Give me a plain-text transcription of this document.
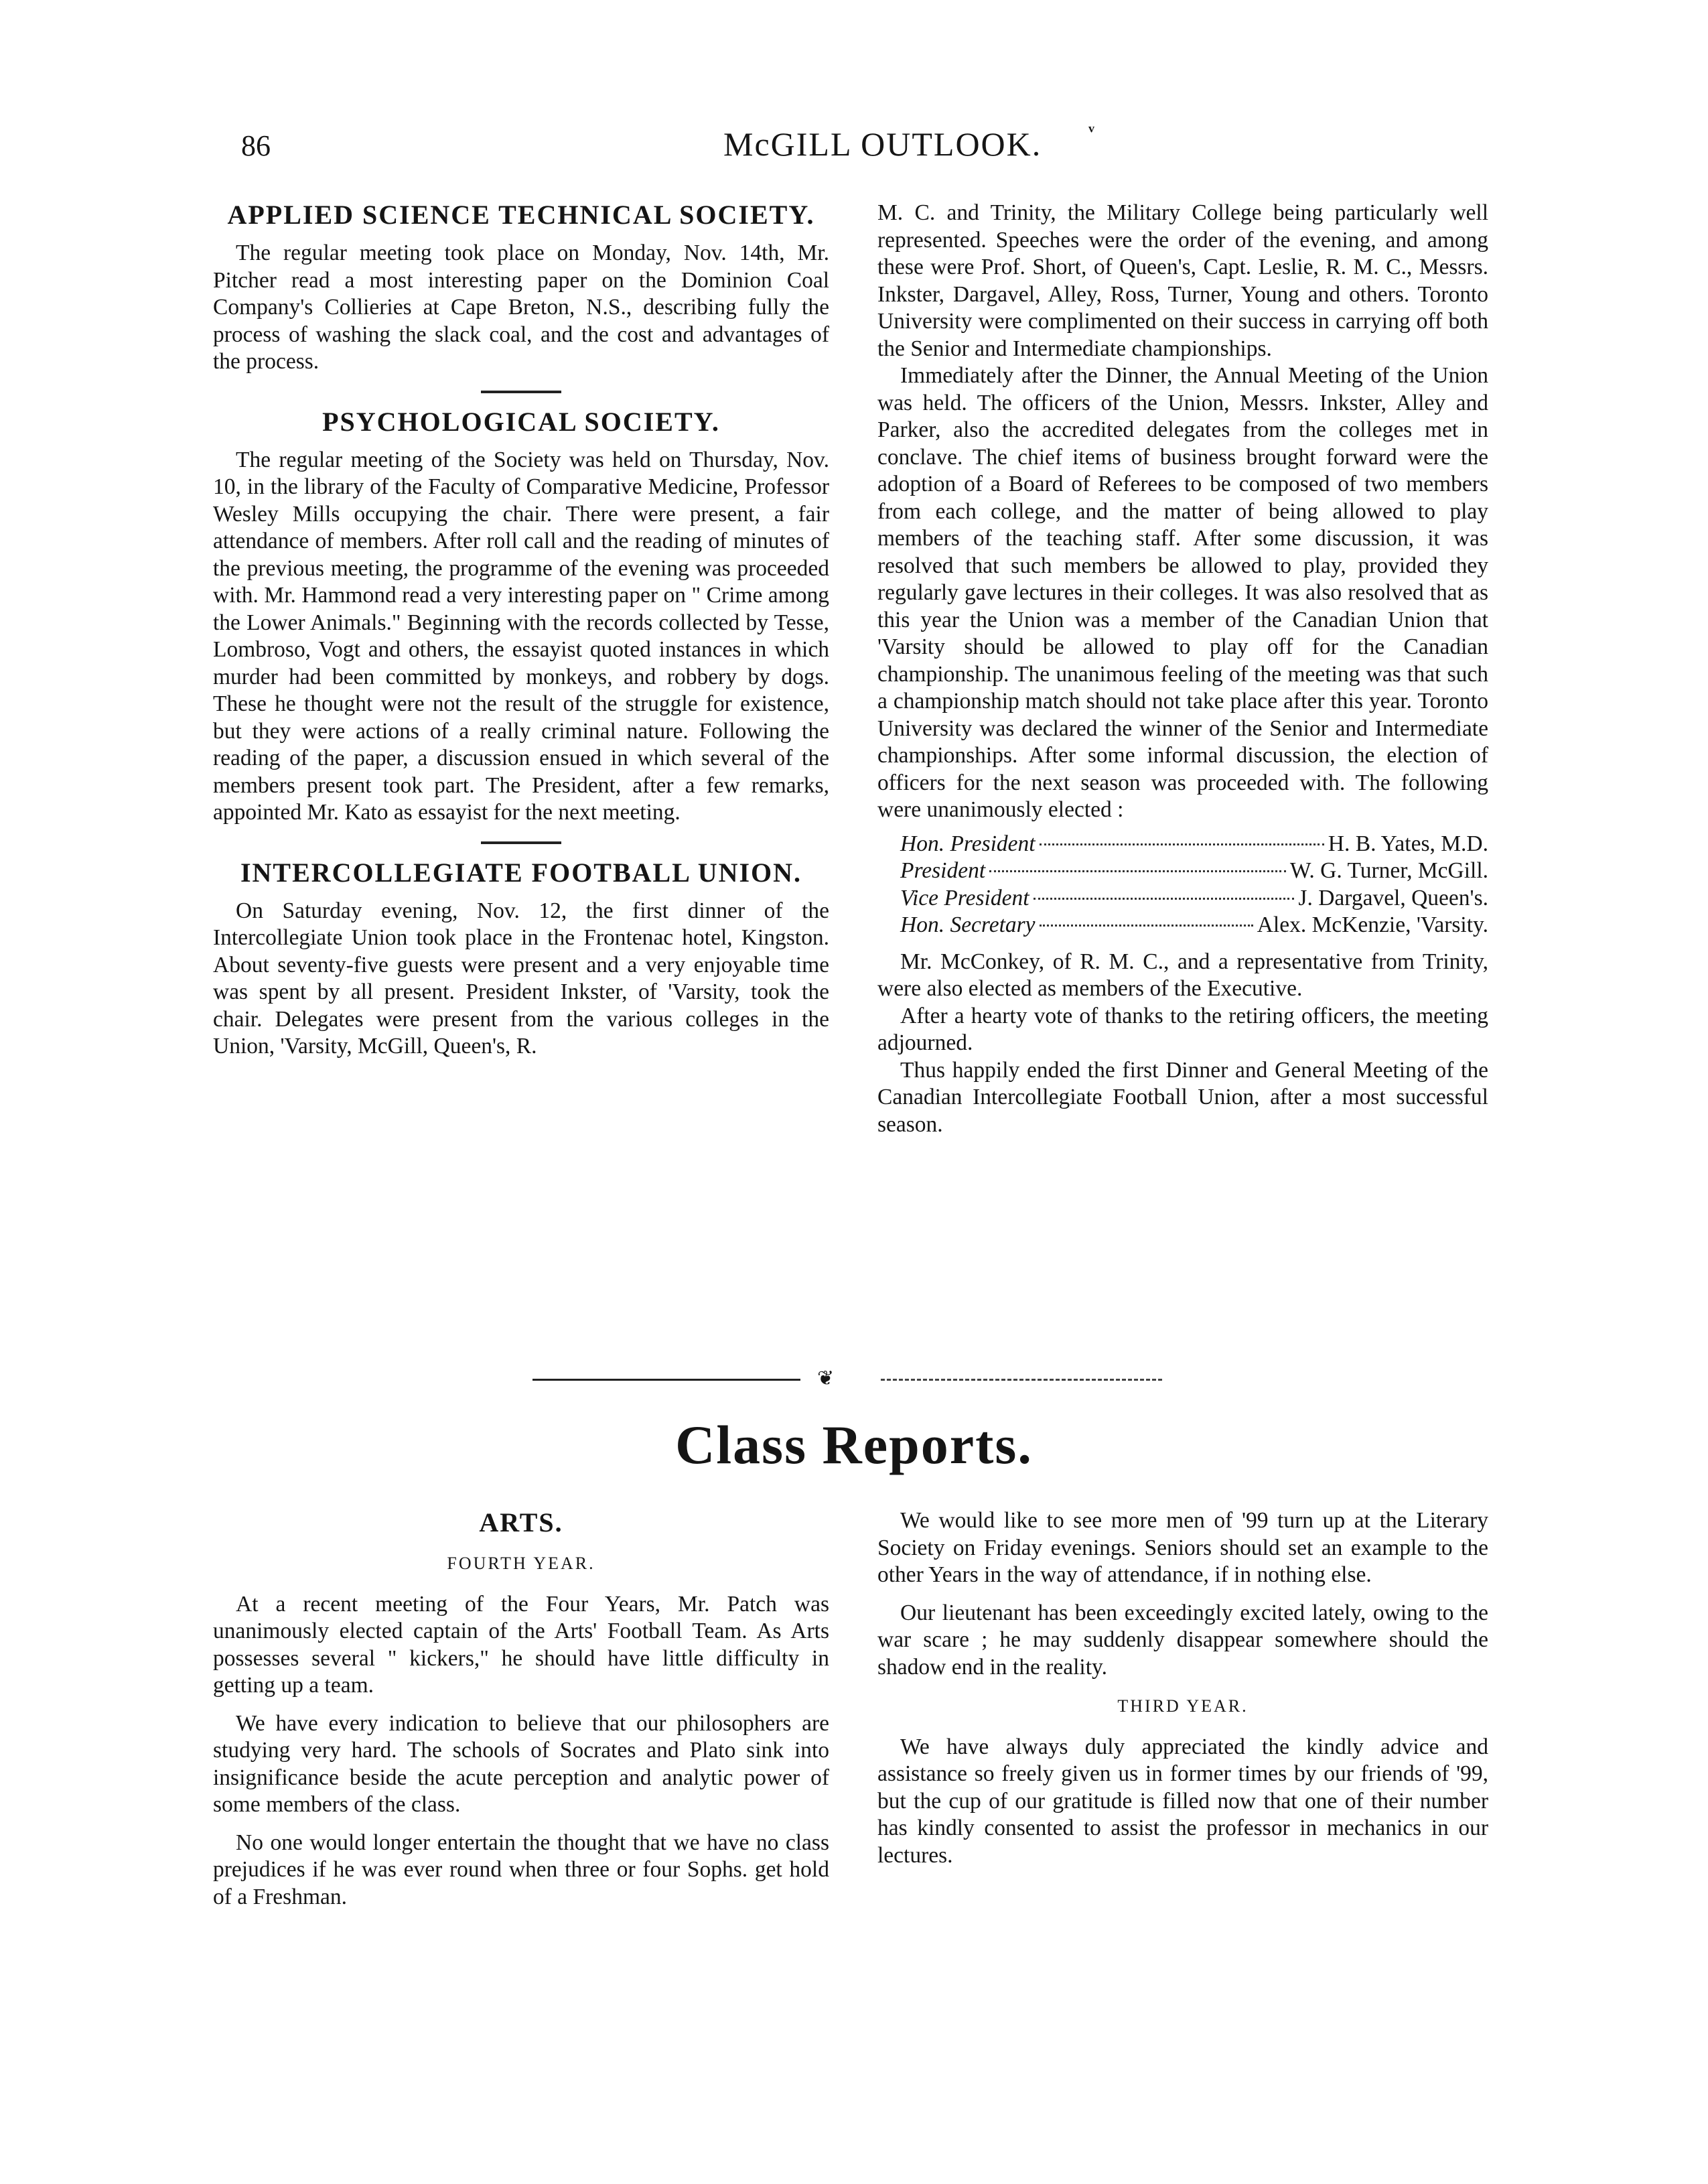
86	McGILL OUTLOOK. ᵛ
APPLIED SCIENCE TECHNICAL SOCIETY.

The regular meeting took place on Monday, Nov. 14th, Mr. Pitcher read a most interesting paper on the Dominion Coal Company's Collieries at Cape Breton, N.S., describing fully the process of washing the slack coal, and the cost and advantages of the process.

PSYCHOLOGICAL SOCIETY.

The regular meeting of the Society was held on Thursday, Nov. 10, in the library of the Faculty of Comparative Medicine, Professor Wesley Mills occupying the chair. There were present, a fair attendance of members. After roll call and the reading of minutes of the previous meeting, the programme of the evening was proceeded with. Mr. Hammond read a very interesting paper on " Crime among the Lower Animals." Beginning with the records collected by Tesse, Lombroso, Vogt and others, the essayist quoted instances in which murder had been committed by monkeys, and robbery by dogs. These he thought were not the result of the struggle for existence, but they were actions of a really criminal nature. Following the reading of the paper, a discussion ensued in which several of the members present took part. The President, after a few remarks, appointed Mr. Kato as essayist for the next meeting.

INTERCOLLEGIATE FOOTBALL UNION.

On Saturday evening, Nov. 12, the first dinner of the Intercollegiate Union took place in the Frontenac hotel, Kingston. About seventy-five guests were present and a very enjoyable time was spent by all present. President Inkster, of 'Varsity, took the chair. Delegates were present from the various colleges in the Union, 'Varsity, McGill, Queen's, R.

M. C. and Trinity, the Military College being particularly well represented. Speeches were the order of the evening, and among these were Prof. Short, of Queen's, Capt. Leslie, R. M. C., Messrs. Inkster, Dargavel, Alley, Ross, Turner, Young and others. Toronto University were complimented on their success in carrying off both the Senior and Intermediate championships.

Immediately after the Dinner, the Annual Meeting of the Union was held. The officers of the Union, Messrs. Inkster, Alley and Parker, also the accredited delegates from the colleges met in conclave. The chief items of business brought forward were the adoption of a Board of Referees to be composed of two members from each college, and the matter of being allowed to play members of the teaching staff. After some discussion, it was resolved that such members be allowed to play, provided they regularly gave lectures in their colleges. It was also resolved that as this year the Union was a member of the Canadian Union that 'Varsity should be allowed to play off for the Canadian championship. The unanimous feeling of the meeting was that such a championship match should not take place after this year. Toronto University was declared the winner of the Senior and Intermediate championships. After some informal discussion, the election of officers for the next season was proceeded with. The following were unanimously elected :

Hon. President	H. B. Yates, M.D.
President	W. G. Turner, McGill.
Vice President	J. Dargavel, Queen's.
Hon. Secretary	Alex. McKenzie, 'Varsity.

Mr. McConkey, of R. M. C., and a representative from Trinity, were also elected as members of the Executive.

After a hearty vote of thanks to the retiring officers, the meeting adjourned.

Thus happily ended the first Dinner and General Meeting of the Canadian Intercollegiate Football Union, after a most successful season.

❦
Class Reports.
ARTS.
FOURTH YEAR.

At a recent meeting of the Four Years, Mr. Patch was unanimously elected captain of the Arts' Football Team. As Arts possesses several " kickers," he should have little difficulty in getting up a team.

We have every indication to believe that our philosophers are studying very hard. The schools of Socrates and Plato sink into insignificance beside the acute perception and analytic power of some members of the class.

No one would longer entertain the thought that we have no class prejudices if he was ever round when three or four Sophs. get hold of a Freshman.

We would like to see more men of '99 turn up at the Literary Society on Friday evenings. Seniors should set an example to the other Years in the way of attendance, if in nothing else.

Our lieutenant has been exceedingly excited lately, owing to the war scare ; he may suddenly disappear somewhere should the shadow end in the reality.

THIRD YEAR.

We have always duly appreciated the kindly advice and assistance so freely given us in former times by our friends of '99, but the cup of our gratitude is filled now that one of their number has kindly consented to assist the professor in mechanics in our lectures.
